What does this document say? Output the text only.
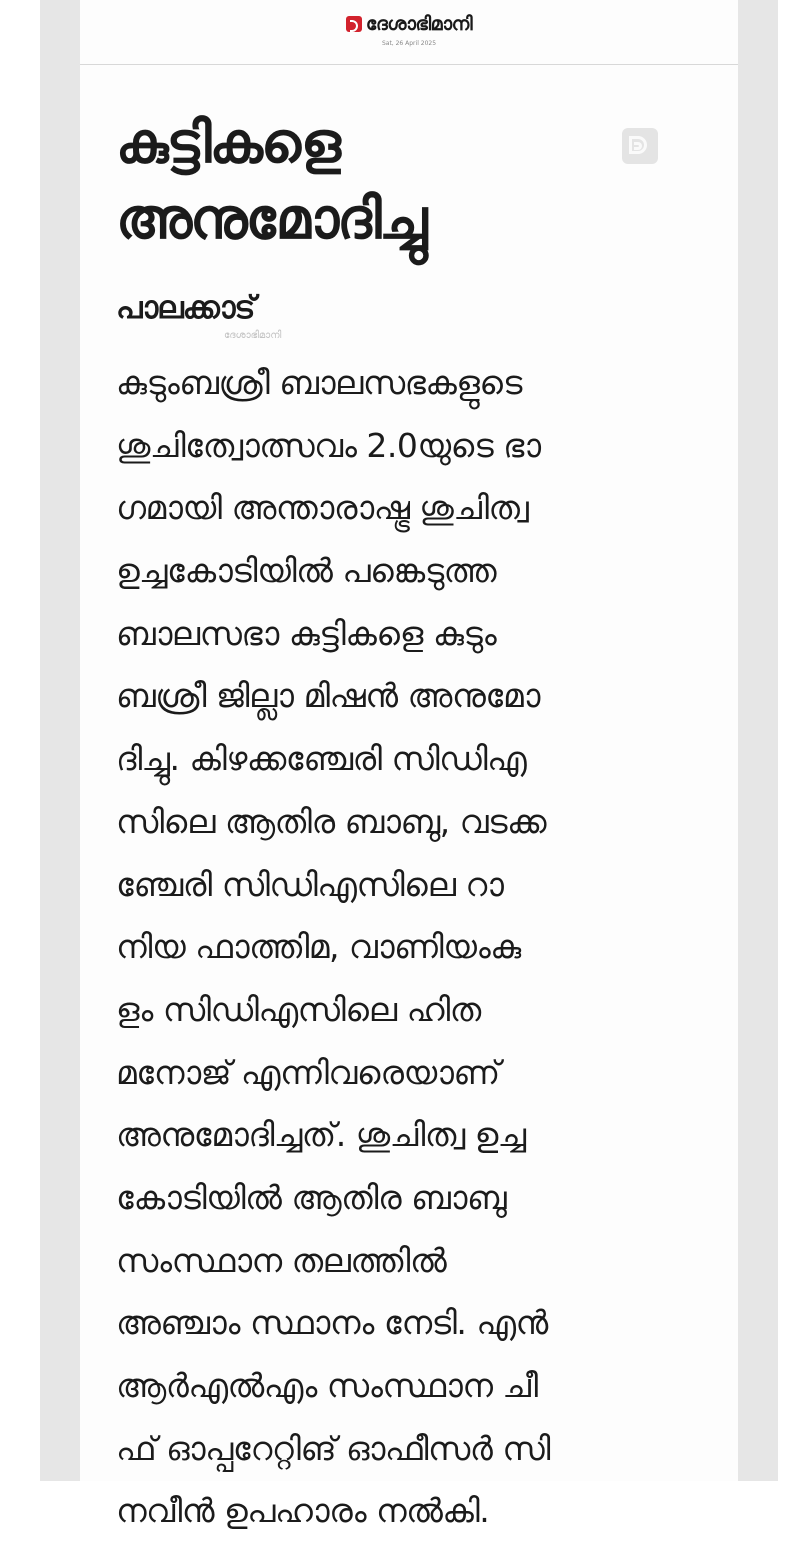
ദേശാഭിമാനി
Sat, 26 April 2025
കുട്ടികളെ
അനുമോദിച്ചു
പാലക്കാട്
ദേശാഭിമാനി
കുടുംബശ്രീ ബാലസഭകളുടെ
ശുചിത്വോത്സവം 2.0യുടെ ഭാ
ഗമായി അന്താരാഷ്ട്ര ശുചിത്വ
ഉച്ചകോടിയിൽ പങ്കെടുത്ത
ബാലസഭാ കുട്ടികളെ കുടും
ബശ്രീ ജില്ലാ മിഷൻ അനുമോ
ദിച്ചു. കിഴക്കഞ്ചേരി സിഡിഎ
സിലെ ആതിര ബാബു, വടക്ക
ഞ്ചേരി സിഡിഎസിലെ റാ
നിയ ഫാത്തിമ, വാണിയംകു
ളം സിഡിഎസിലെ ഹിത
മനോജ് എന്നിവരെയാണ്
അനുമോദിച്ചത്. ശുചിത്വ ഉച്ച
കോടിയിൽ ആതിര ബാബു
സംസ്ഥാന തലത്തിൽ
അഞ്ചാം സ്ഥാനം നേടി. എൻ
ആർഎൽഎം സംസ്ഥാന ചീ
ഫ് ഓപ്പറേറ്റിങ് ഓഫീസർ സി
നവീൻ ഉപഹാരം നൽകി.
